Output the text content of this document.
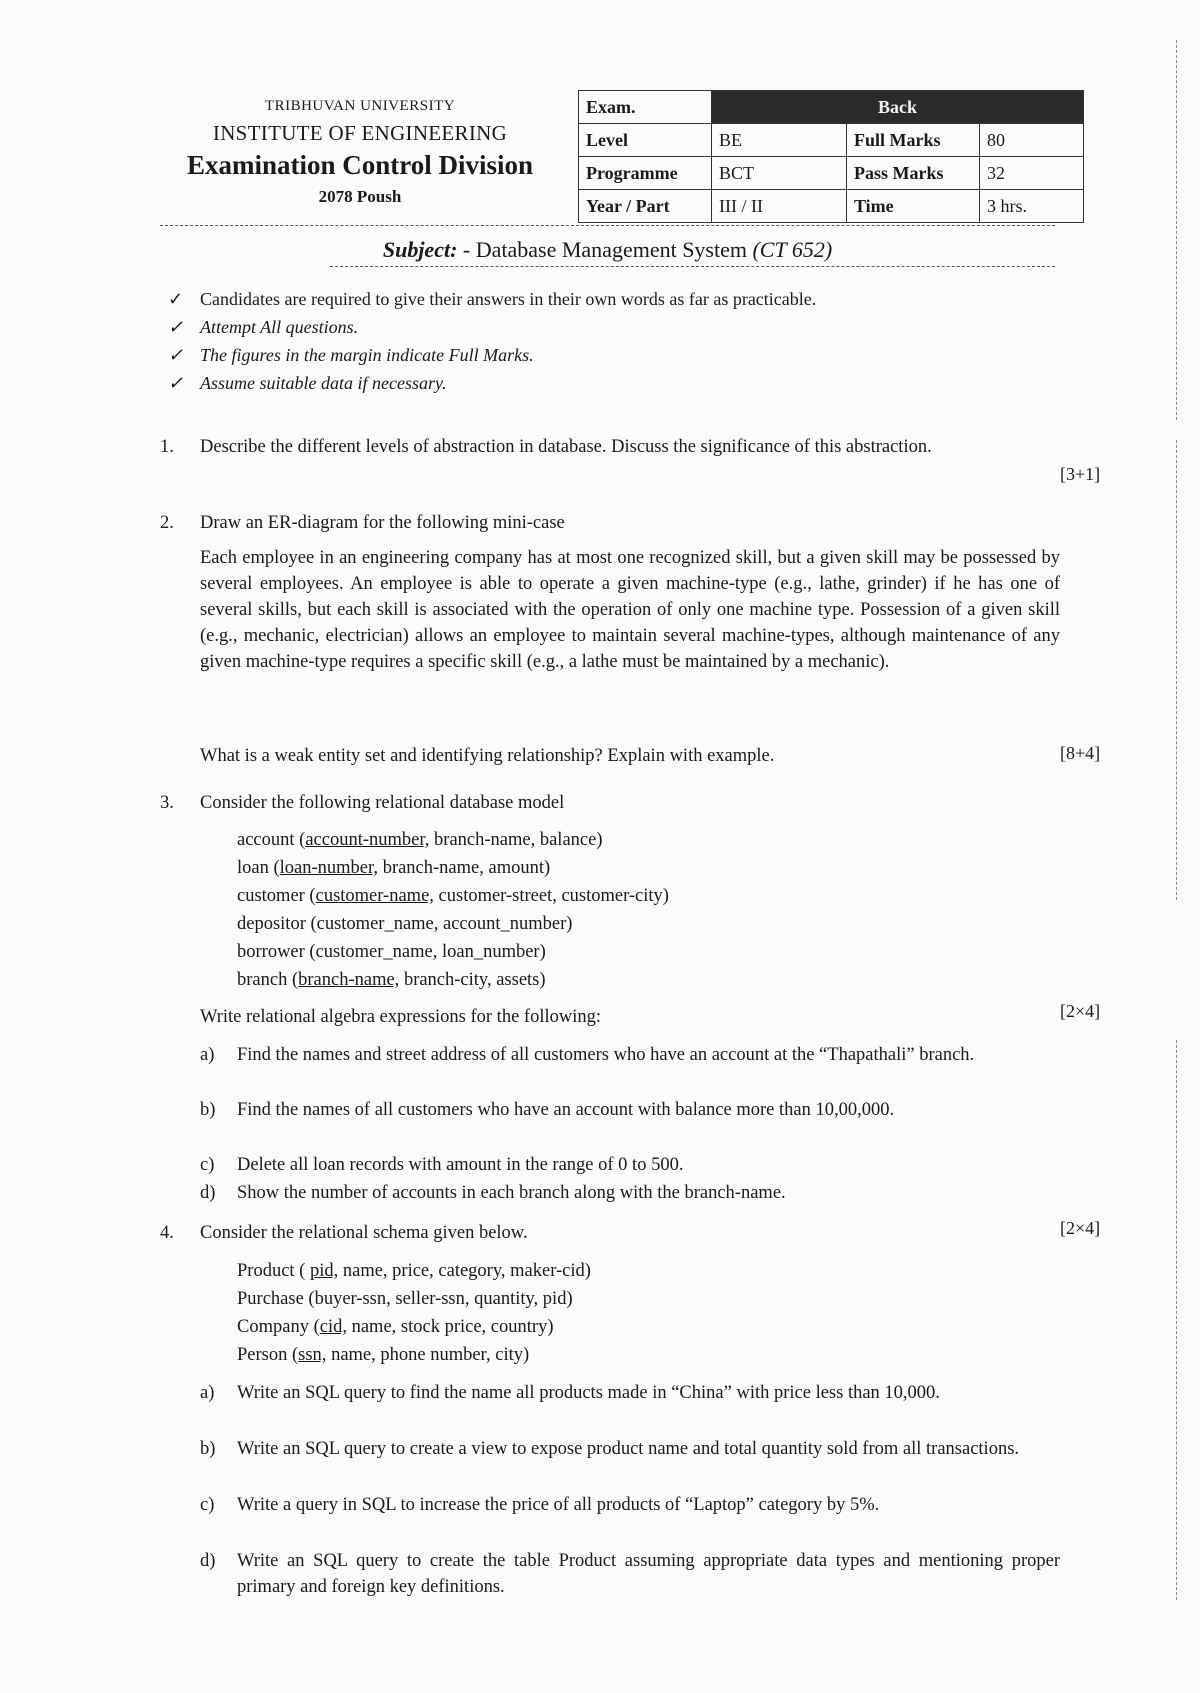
TRIBHUVAN UNIVERSITY
INSTITUTE OF ENGINEERING
Examination Control Division
2078 Poush
Exam.	Back		
Level	BE	Full Marks	80
Programme	BCT	Pass Marks	32
Year / Part	III / II	Time	3 hrs.
Subject: - Database Management System (CT 652)
✓ Candidates are required to give their answers in their own words as far as practicable.
✓ Attempt All questions.
✓ The figures in the margin indicate Full Marks.
✓ Assume suitable data if necessary.
1.	Describe the different levels of abstraction in database. Discuss the significance of this abstraction.
[3+1]
2.	Draw an ER-diagram for the following mini-case
Each employee in an engineering company has at most one recognized skill, but a given skill may be possessed by several employees. An employee is able to operate a given machine-type (e.g., lathe, grinder) if he has one of several skills, but each skill is associated with the operation of only one machine type. Possession of a given skill (e.g., mechanic, electrician) allows an employee to maintain several machine-types, although maintenance of any given machine-type requires a specific skill (e.g., a lathe must be maintained by a mechanic).
What is a weak entity set and identifying relationship? Explain with example.	[8+4]
3.	Consider the following relational database model
account (account-number, branch-name, balance)
loan (loan-number, branch-name, amount)
customer (customer-name, customer-street, customer-city)
depositor (customer_name, account_number)
borrower (customer_name, loan_number)
branch (branch-name, branch-city, assets)
Write relational algebra expressions for the following:	[2×4]
a)	Find the names and street address of all customers who have an account at the “Thapathali” branch.
b)	Find the names of all customers who have an account with balance more than 10,00,000.
c)	Delete all loan records with amount in the range of 0 to 500.
d)	Show the number of accounts in each branch along with the branch-name.
4.	Consider the relational schema given below.	[2×4]
Product ( pid, name, price, category, maker-cid)
Purchase (buyer-ssn, seller-ssn, quantity, pid)
Company (cid, name, stock price, country)
Person (ssn, name, phone number, city)
a)	Write an SQL query to find the name all products made in “China” with price less than 10,000.
b)	Write an SQL query to create a view to expose product name and total quantity sold from all transactions.
c)	Write a query in SQL to increase the price of all products of “Laptop” category by 5%.
d)	Write an SQL query to create the table Product assuming appropriate data types and mentioning proper primary and foreign key definitions.
